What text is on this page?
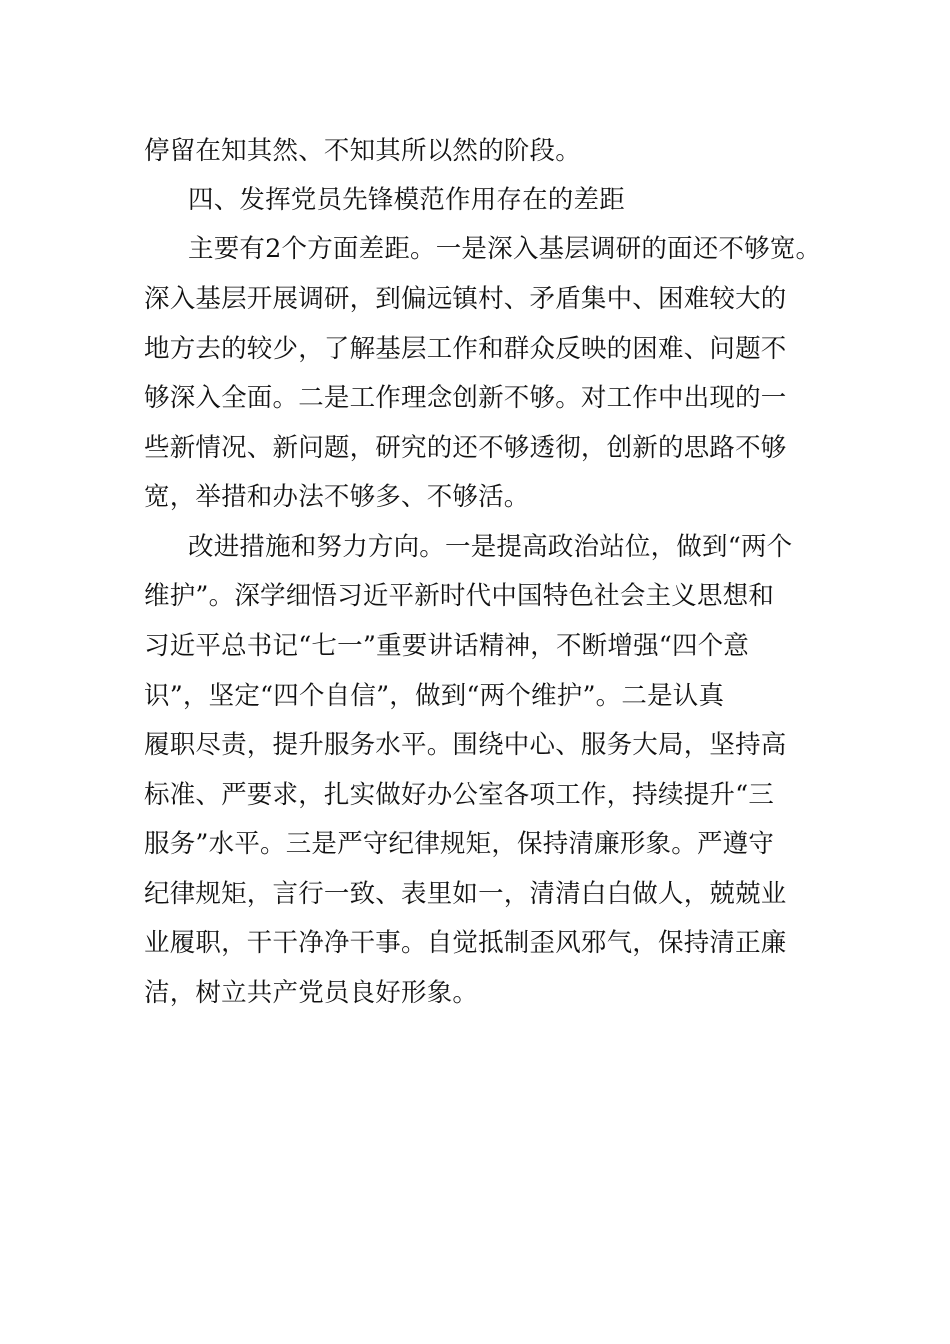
停留在知其然、不知其所以然的阶段。
四、发挥党员先锋模范作用存在的差距
主要有2个方面差距。一是深入基层调研的面还不够宽。
深入基层开展调研，到偏远镇村、矛盾集中、困难较大的
地方去的较少，了解基层工作和群众反映的困难、问题不
够深入全面。二是工作理念创新不够。对工作中出现的一
些新情况、新问题，研究的还不够透彻，创新的思路不够
宽，举措和办法不够多、不够活。
改进措施和努力方向。一是提高政治站位，做到“两个
维护”。深学细悟习近平新时代中国特色社会主义思想和
习近平总书记“七一”重要讲话精神，不断增强“四个意
识”，坚定“四个自信”，做到“两个维护”。二是认真
履职尽责，提升服务水平。围绕中心、服务大局，坚持高
标准、严要求，扎实做好办公室各项工作，持续提升“三
服务”水平。三是严守纪律规矩，保持清廉形象。严遵守
纪律规矩，言行一致、表里如一，清清白白做人，兢兢业
业履职，干干净净干事。自觉抵制歪风邪气，保持清正廉
洁，树立共产党员良好形象。
